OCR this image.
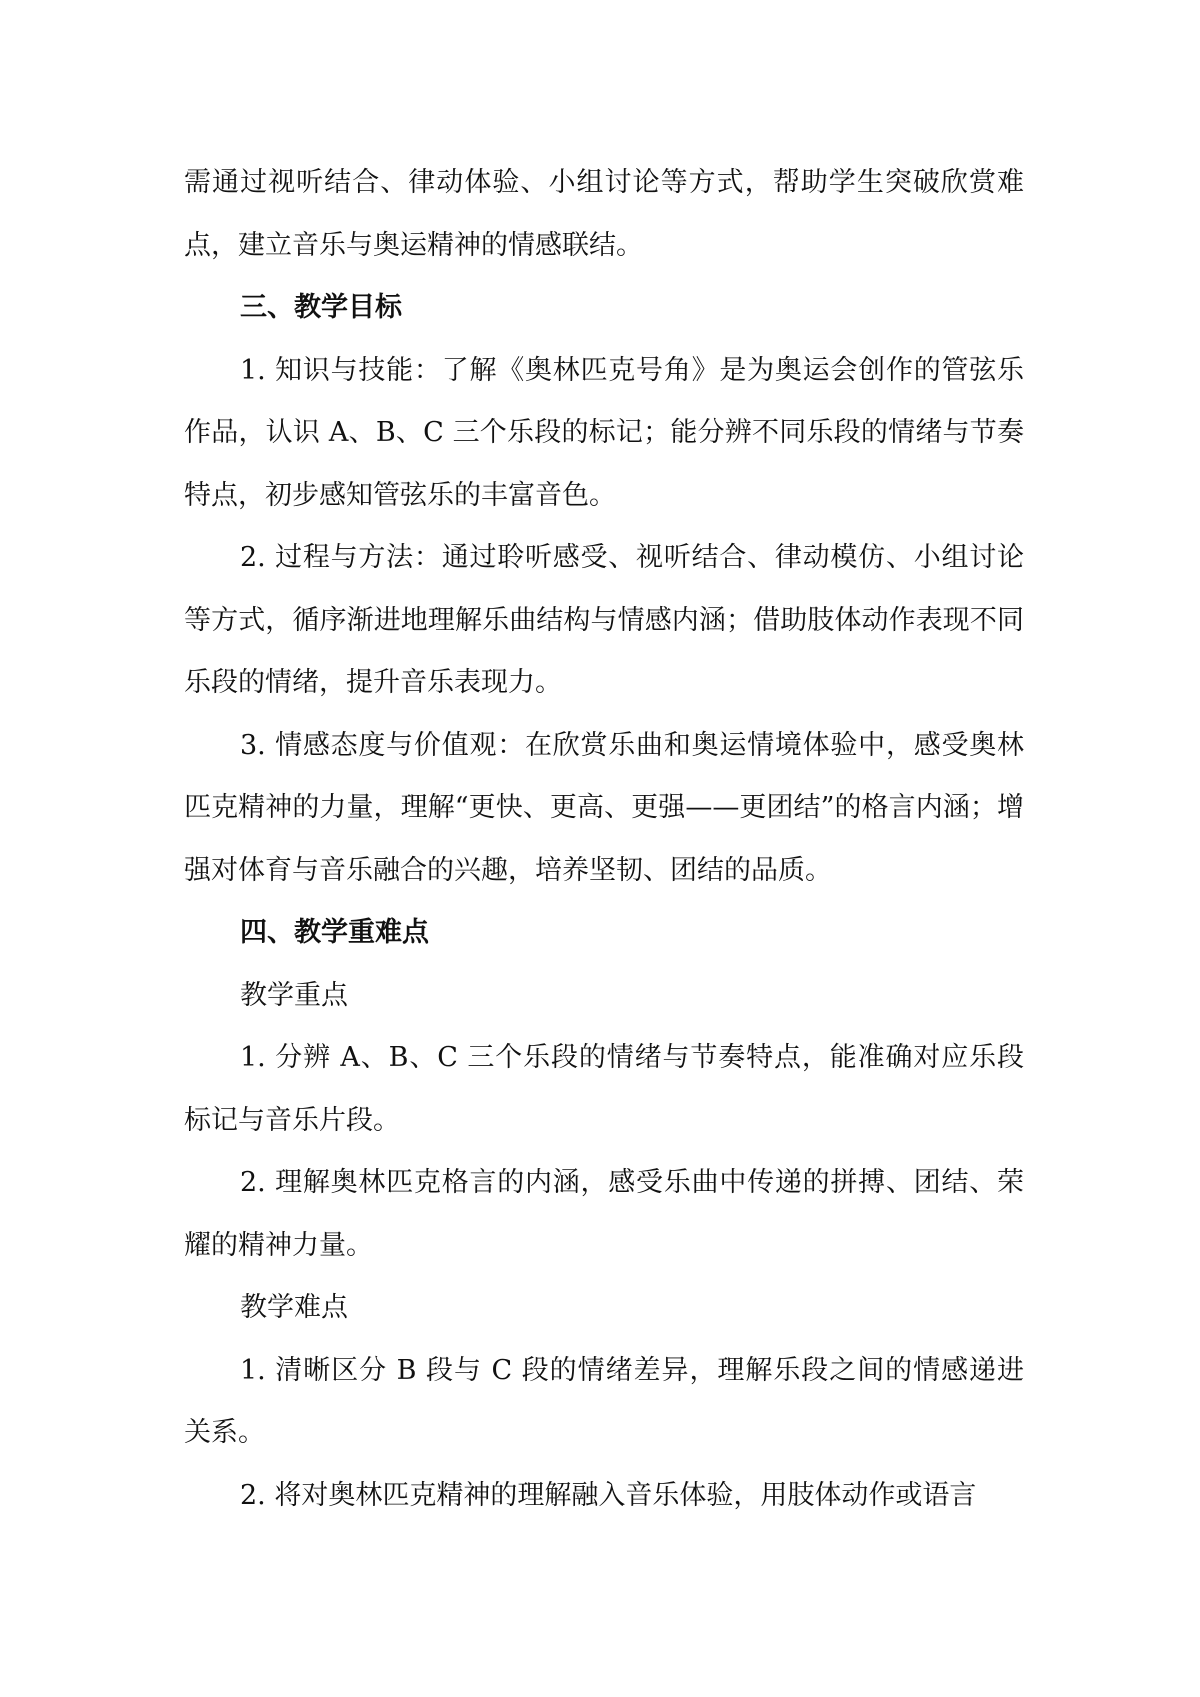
需通过视听结合、律动体验、小组讨论等方式，帮助学生突破欣赏难点，建立音乐与奥运精神的情感联结。

三、教学目标

1. 知识与技能：了解《奥林匹克号角》是为奥运会创作的管弦乐作品，认识 A、B、C 三个乐段的标记；能分辨不同乐段的情绪与节奏特点，初步感知管弦乐的丰富音色。

2. 过程与方法：通过聆听感受、视听结合、律动模仿、小组讨论等方式，循序渐进地理解乐曲结构与情感内涵；借助肢体动作表现不同乐段的情绪，提升音乐表现力。

3. 情感态度与价值观：在欣赏乐曲和奥运情境体验中，感受奥林匹克精神的力量，理解“更快、更高、更强——更团结”的格言内涵；增强对体育与音乐融合的兴趣，培养坚韧、团结的品质。

四、教学重难点

教学重点

1. 分辨 A、B、C 三个乐段的情绪与节奏特点，能准确对应乐段标记与音乐片段。

2. 理解奥林匹克格言的内涵，感受乐曲中传递的拼搏、团结、荣耀的精神力量。

教学难点

1. 清晰区分 B 段与 C 段的情绪差异，理解乐段之间的情感递进关系。

2. 将对奥林匹克精神的理解融入音乐体验，用肢体动作或语言
